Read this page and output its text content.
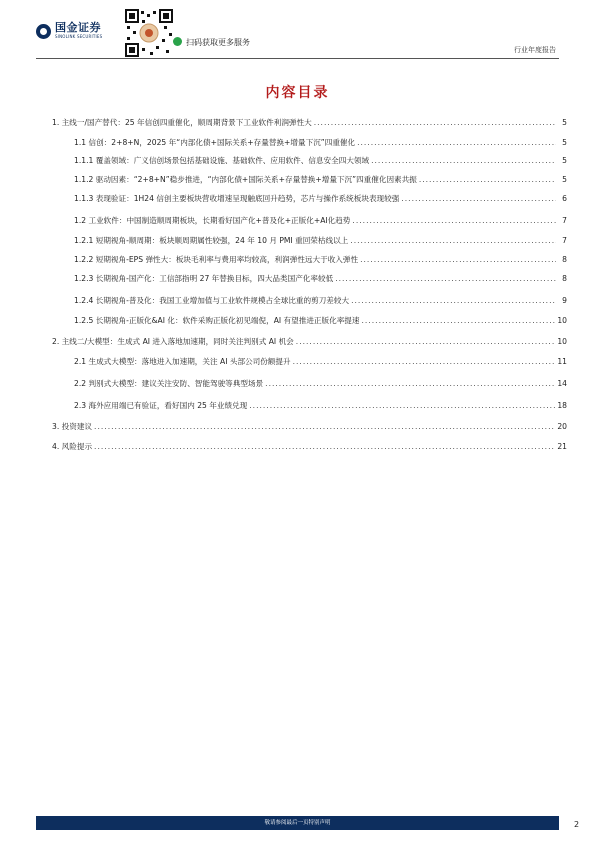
国金证券
SINOLINK SECURITIES
扫码获取更多服务
行业年度报告
内容目录
1. 主线一/国产替代：25 年信创四重催化，顺周期背景下工业软件利润弹性大 .....	5
1.1 信创：2+8+N，2025 年“内部化债+国际关系+存量替换+增量下沉”四重催化 .....	5
1.1.1 覆盖领域：广义信创场景包括基础设施、基础软件、应用软件、信息安全四大领域 .....	5
1.1.2 驱动因素：“2+8+N”稳步推进，“内部化债+国际关系+存量替换+增量下沉”四重催化因素共振 .....	5
1.1.3 表现验证：1H24 信创主要板块营收增速呈现触底回升趋势，芯片与操作系统板块表现较强 .....	6
1.2 工业软件：中国制造顺周期板块，长期看好国产化+普及化+正版化+AI化趋势 .....	7
1.2.1 短期视角-顺周期：板块顺周期属性较强，24 年 10 月 PMI 重回荣枯线以上 .....	7
1.2.2 短期视角-EPS 弹性大：板块毛利率与费用率均较高，利润弹性远大于收入弹性 .....	8
1.2.3 长期视角-国产化：工信部指明 27 年替换目标，四大品类国产化率较低 .....	8
1.2.4 长期视角-普及化：我国工业增加值与工业软件规模占全球比重的剪刀差较大 .....	9
1.2.5 长期视角-正版化&AI 化：软件采购正版化初见端倪，AI 有望推进正版化率提速 .....	10
2. 主线二/大模型：生成式 AI 进入落地加速期，同时关注判别式 AI 机会 .....	10
2.1 生成式大模型：落地进入加速期，关注 AI 头部公司份额提升 .....	11
2.2 判别式大模型：建议关注安防、智能驾驶等典型场景 .....	14
2.3 海外应用端已有验证，看好国内 25 年业绩兑现 .....	18
3. 投资建议 .....	20
4. 风险提示 .....	21
敬请参阅最后一页特别声明	2
